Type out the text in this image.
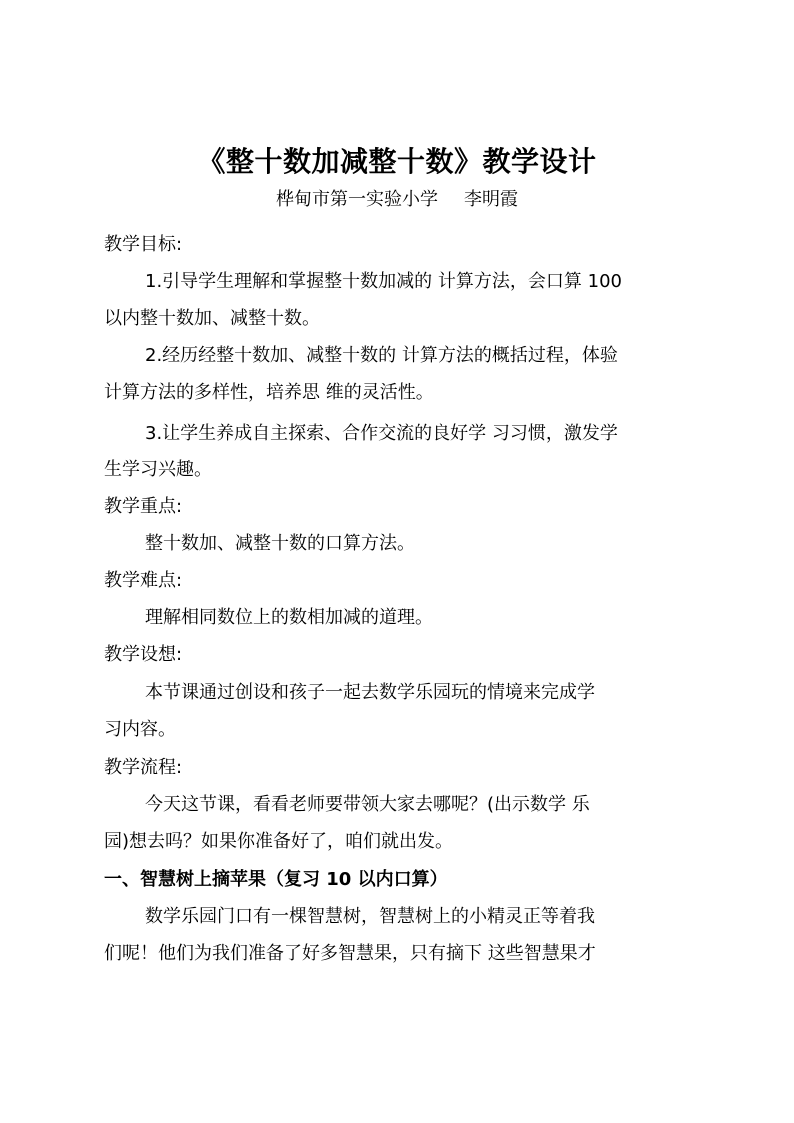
《整十数加减整十数》教学设计

桦甸市第一实验小学 李明霞

教学目标:

1.引导学生理解和掌握整十数加减的 计算方法，会口算 100

以内整十数加、减整十数。

2.经历经整十数加、减整十数的 计算方法的概括过程，体验

计算方法的多样性，培养思 维的灵活性。

3.让学生养成自主探索、合作交流的良好学 习习惯，激发学

生学习兴趣。

教学重点:

整十数加、减整十数的口算方法。

教学难点:

理解相同数位上的数相加减的道理。

教学设想:

本节课通过创设和孩子一起去数学乐园玩的情境来完成学

习内容。

教学流程:

今天这节课，看看老师要带领大家去哪呢？(出示数学 乐

园)想去吗？如果你准备好了，咱们就出发。

一、智慧树上摘苹果（复习 10 以内口算）

数学乐园门口有一棵智慧树，智慧树上的小精灵正等着我

们呢！他们为我们准备了好多智慧果，只有摘下 这些智慧果才
